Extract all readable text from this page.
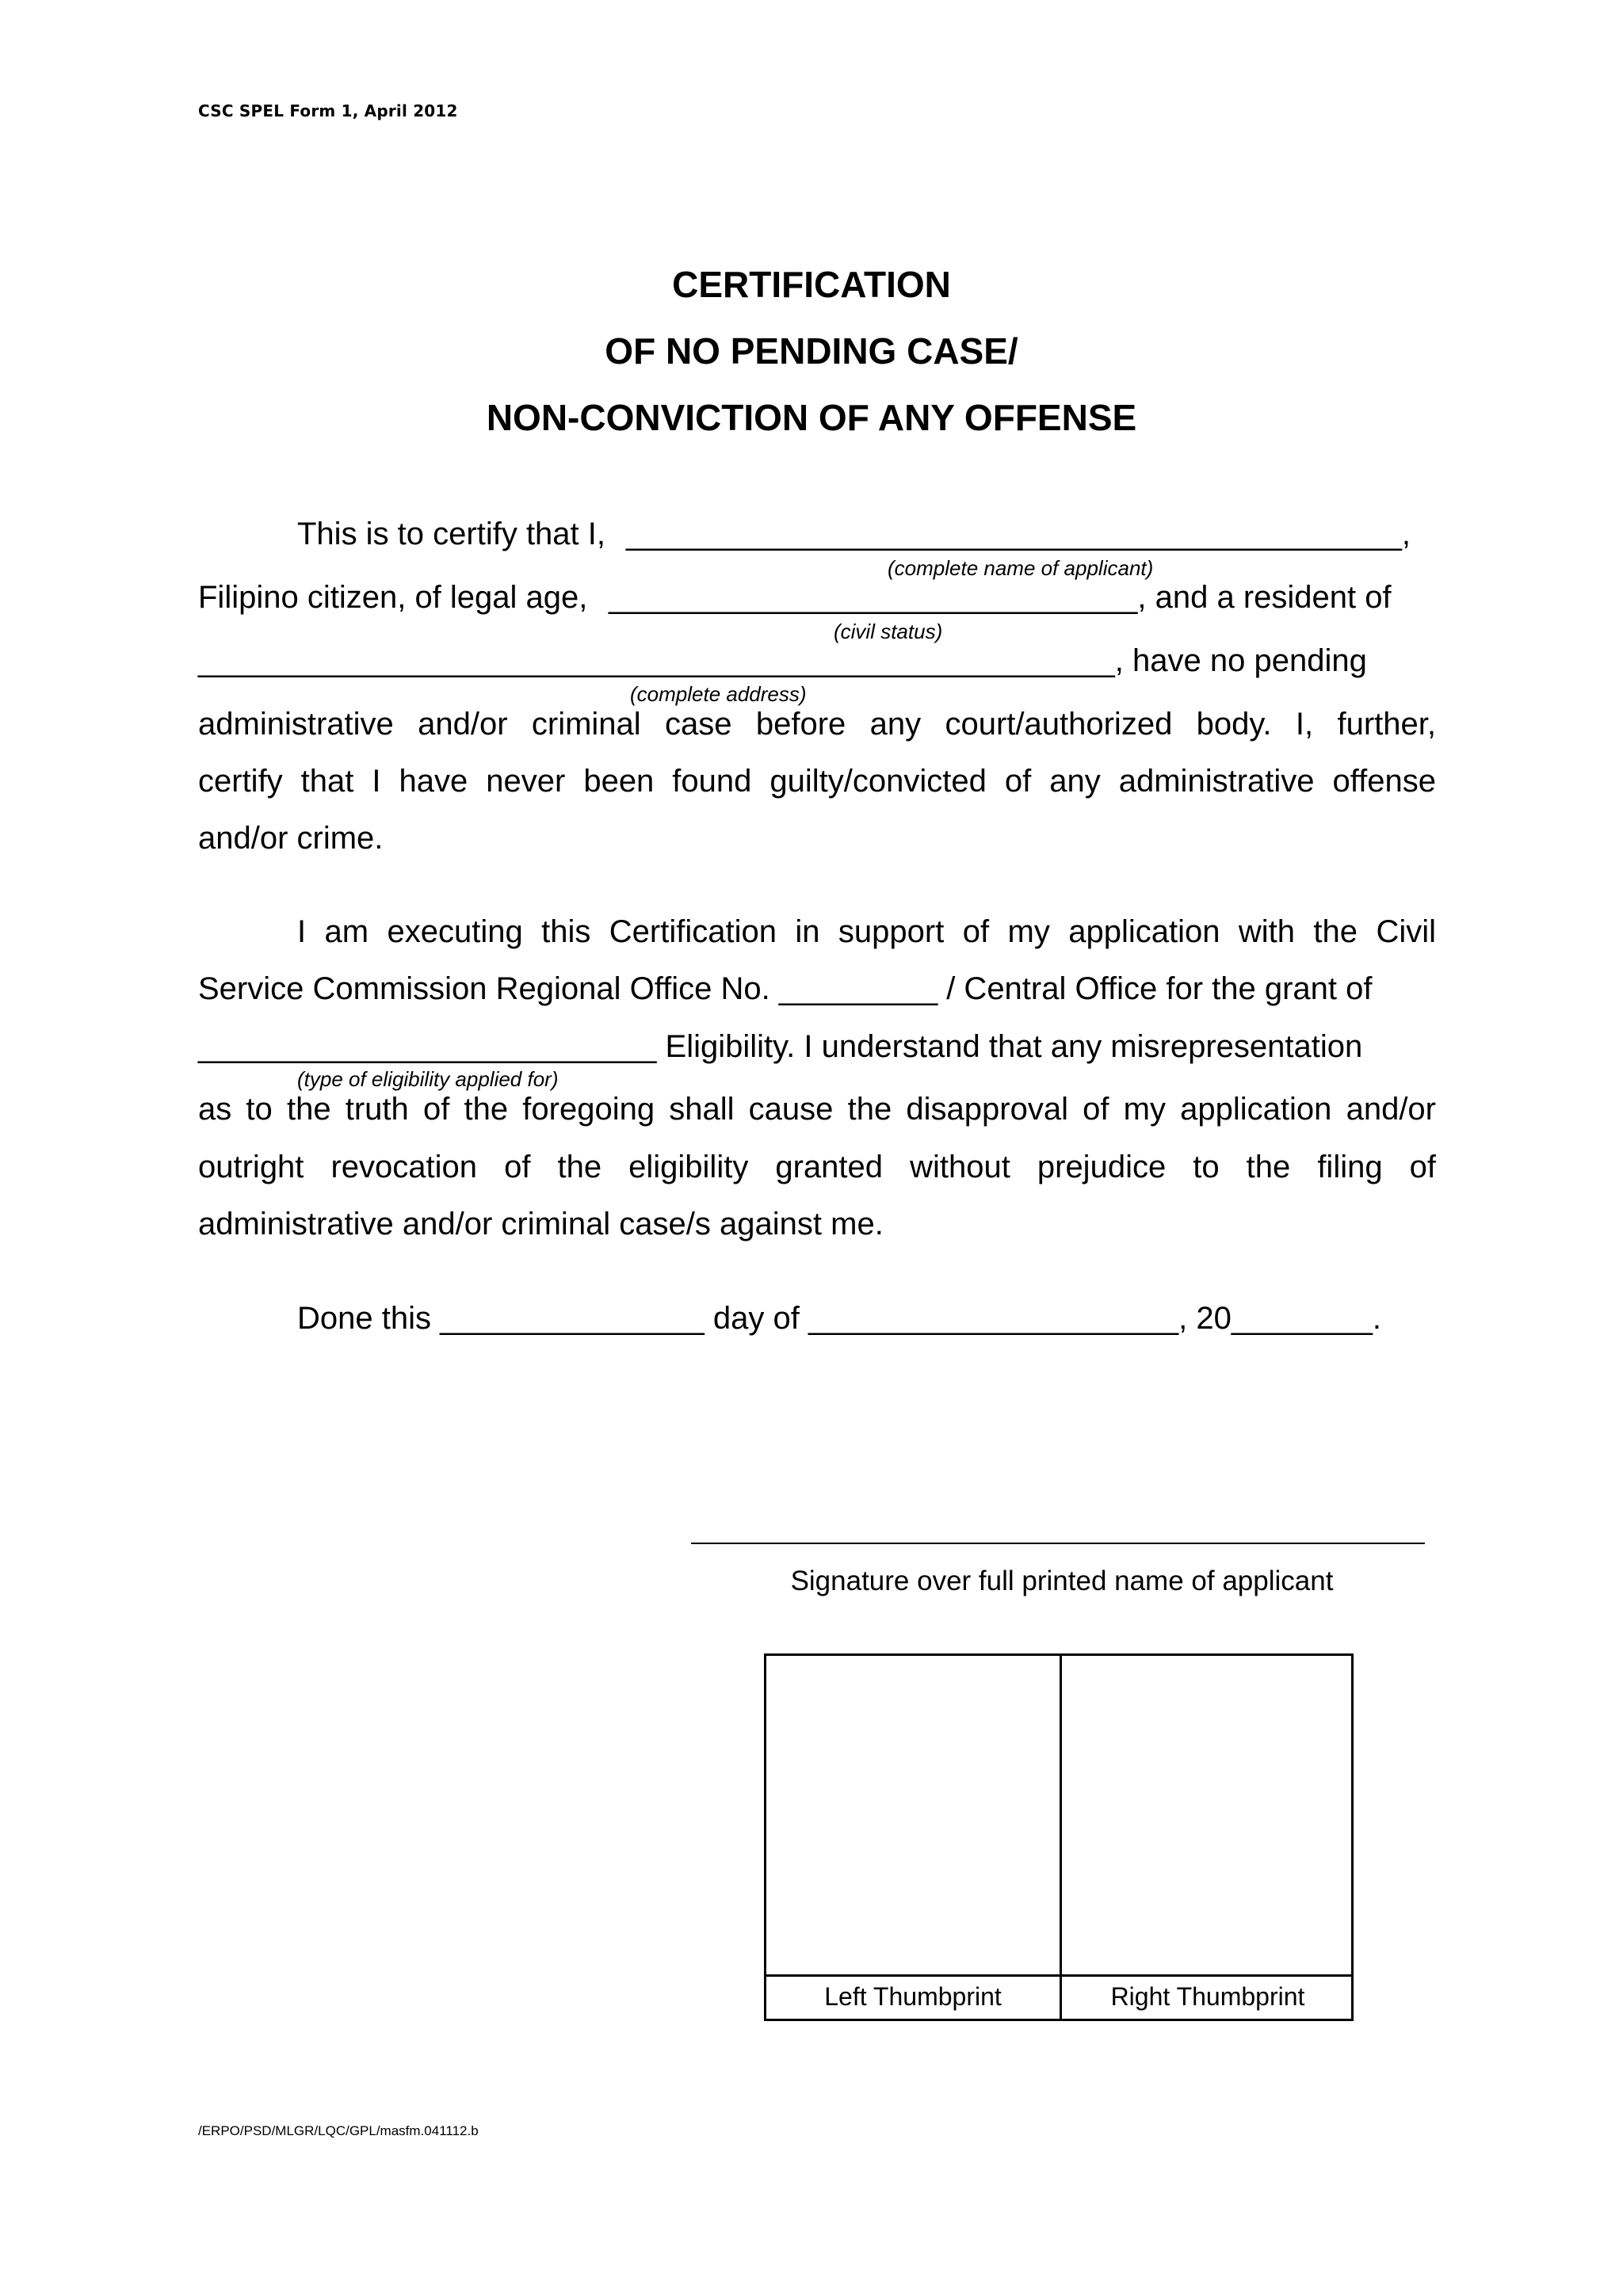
CSC SPEL Form 1, April 2012
CERTIFICATION
OF NO PENDING CASE/
NON-CONVICTION OF ANY OFFENSE
This is to certify that I, ____________________________________________,
(complete name of applicant)
Filipino citizen, of legal age, ______________________________, and a resident of
(civil status)
____________________________________________________, have no pending
(complete address)
administrative and/or criminal case before any court/authorized body. I, further,
certify that I have never been found guilty/convicted of any administrative offense
and/or crime.
I am executing this Certification in support of my application with the Civil
Service Commission Regional Office No. _________ / Central Office for the grant of
__________________________ Eligibility. I understand that any misrepresentation
(type of eligibility applied for)
as to the truth of the foregoing shall cause the disapproval of my application and/or
outright revocation of the eligibility granted without prejudice to the filing of
administrative and/or criminal case/s against me.
Done this _______________ day of _____________________, 20________.
Signature over full printed name of applicant
Left Thumbprint	Right Thumbprint
/ERPO/PSD/MLGR/LQC/GPL/masfm.041112.b
